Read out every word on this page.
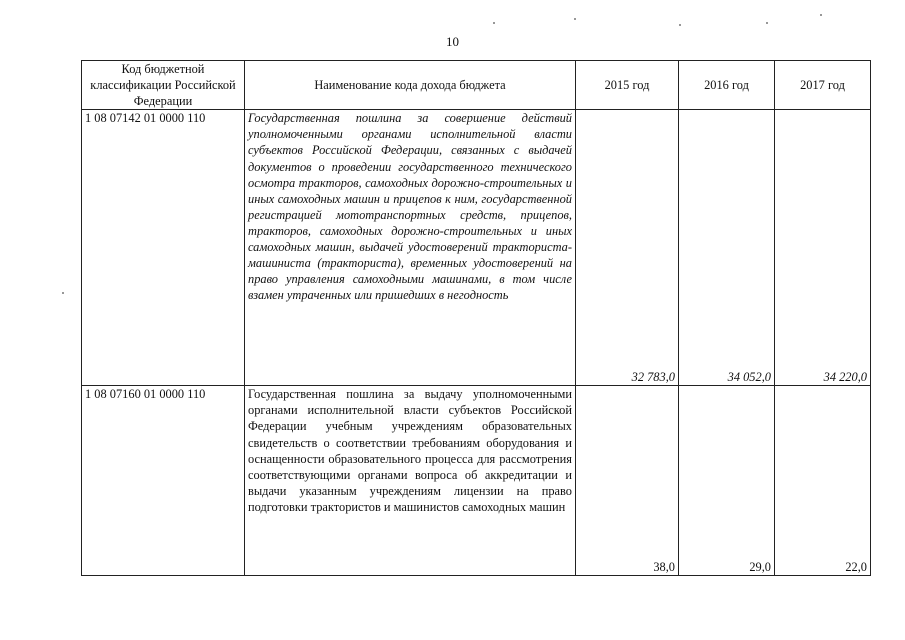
10
Код бюджетной классификации Российской Федерации	Наименование кода дохода бюджета	2015 год	2016 год	2017 год
1 08 07142 01 0000 110	Государственная пошлина за совершение действий уполномоченными органами исполнительной власти субъектов Российской Федерации, связанных с выдачей документов о проведении государственного технического осмотра тракторов, самоходных дорожно-строительных и иных самоходных машин и прицепов к ним, государственной регистрацией мототранспортных средств, прицепов, тракторов, самоходных дорожно-строительных и иных самоходных машин, выдачей удостоверений тракториста-машиниста (тракториста), временных удостоверений на право управления самоходными машинами, в том числе взамен утраченных или пришедших в негодность	32 783,0	34 052,0	34 220,0
1 08 07160 01 0000 110	Государственная пошлина за выдачу уполномоченными органами исполнительной власти субъектов Российской Федерации учебным учреждениям образовательных свидетельств о соответствии требованиям оборудования и оснащенности образовательного процесса для рассмотрения соответствующими органами вопроса об аккредитации и выдачи указанным учреждениям лицензии на право подготовки трактористов и машинистов самоходных машин	38,0	29,0	22,0
